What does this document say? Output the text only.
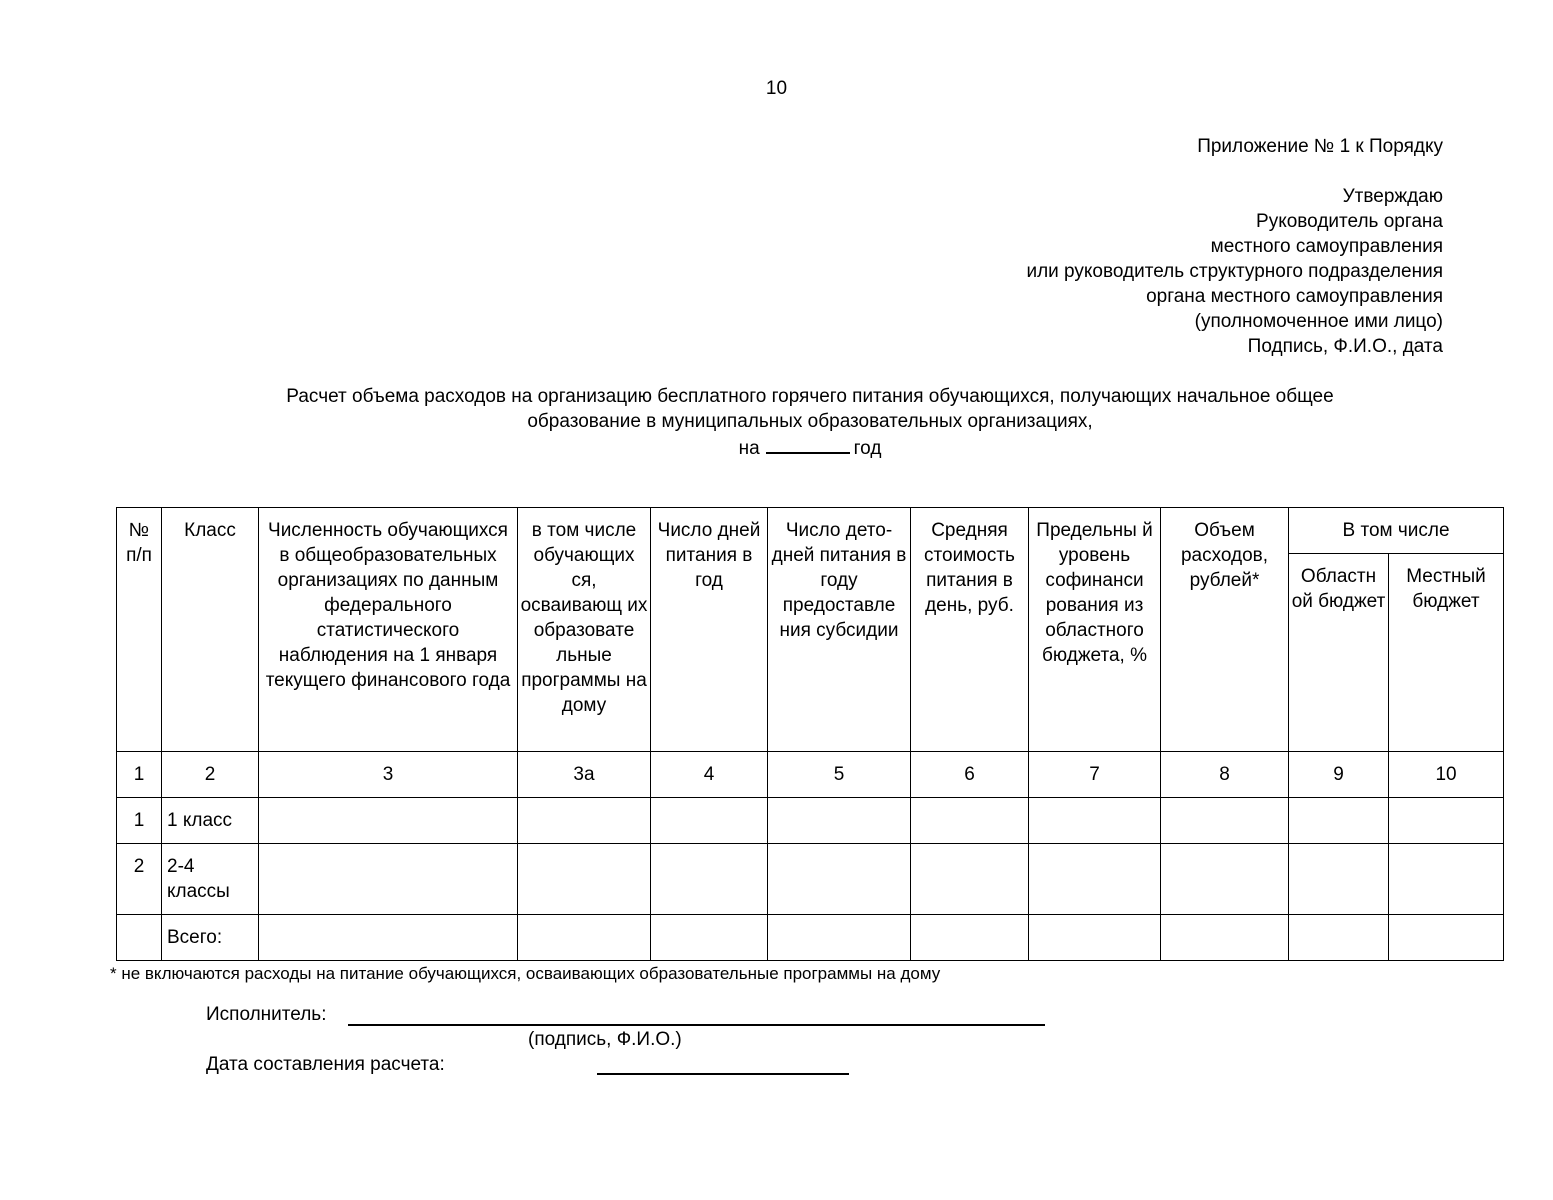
10
Приложение № 1 к Порядку
Утверждаю
Руководитель органа
местного самоуправления
или руководитель структурного подразделения
органа местного самоуправления
(уполномоченное ими лицо)
Подпись, Ф.И.О., дата
Расчет объема расходов на организацию бесплатного горячего питания обучающихся, получающих начальное общее
образование в муниципальных образовательных организациях,
на	год
№ п/п	Класс	Численность обучающихся в общеобразовательных организациях по данным федерального статистического наблюдения на 1 января текущего финансового года	в том числе обучающих ся, осваивающ их образовате льные программы на дому	Число дней питания в год	Число дето-дней питания в году предоставле ния субсидии	Средняя стоимость питания в день, руб.	Предельны й уровень софинанси рования из областного бюджета, %	Объем расходов, рублей*	В том числе	
									Областн ой бюджет	Местный бюджет
1	2	3	3а	4	5	6	7	8	9	10
1	1 класс									
2	2-4 классы									
	Всего:									
* не включаются расходы на питание обучающихся, осваивающих образовательные программы на дому
Исполнитель:
(подпись, Ф.И.О.)
Дата составления расчета:
